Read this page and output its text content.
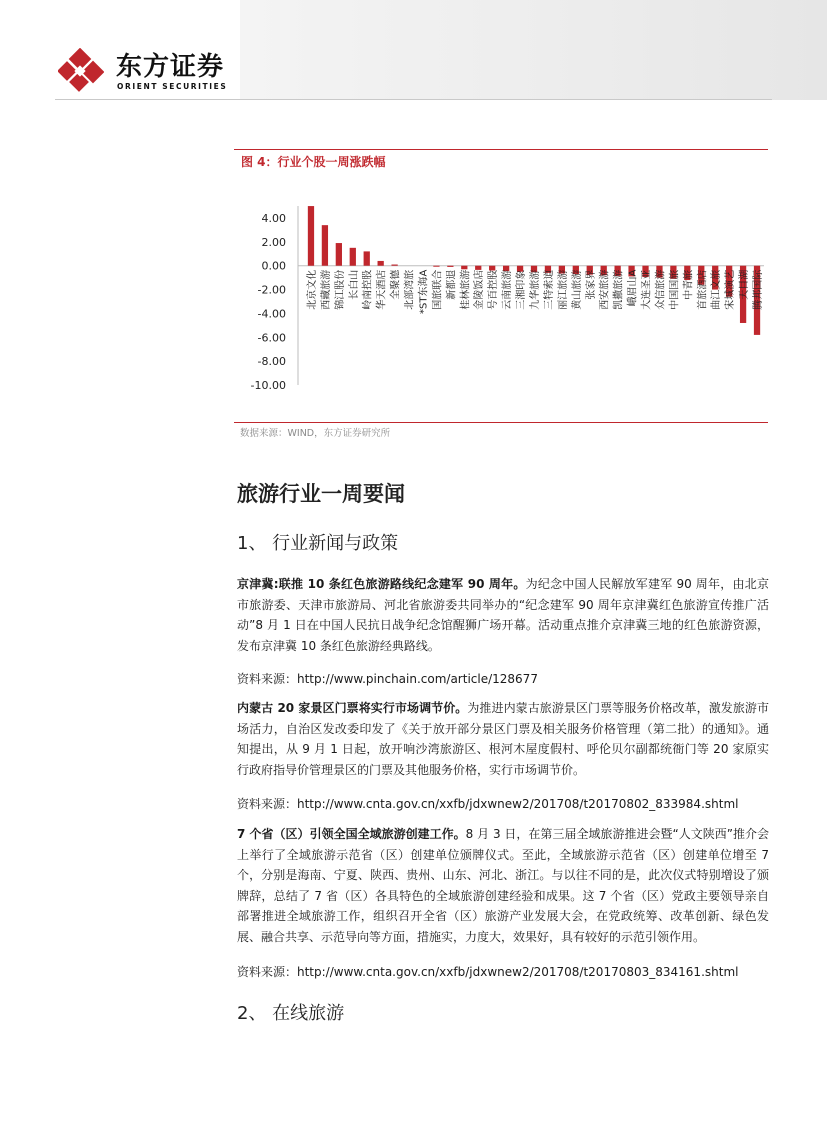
东方证券
ORIENT SECURITIES
图 4：行业个股一周涨跌幅
4.00
2.00
0.00
-2.00
-4.00
-6.00
-8.00
-10.00
北京文化 西藏旅游 锦江股份 长白山 岭南控股 华天酒店 全聚德 北部湾旅 *ST东海A 国旅联合 新都退 桂林旅游 金陵饭店 号百控股 云南旅游 三湘印象 九华旅游 三特索道 丽江旅游 黄山旅游 张家界 西安旅游 凯撒旅游 峨眉山A 大连圣亚 众信旅游 中国国旅 中青旅 首旅酒店 曲江文旅 宋城演艺 天目湖 腾邦国际
数据来源：WIND，东方证券研究所
旅游行业一周要闻
1、 行业新闻与政策
京津冀:联推 10 条红色旅游路线纪念建军 90 周年。为纪念中国人民解放军建军 90 周年，由北京市旅游委、天津市旅游局、河北省旅游委共同举办的“纪念建军 90 周年京津冀红色旅游宣传推广活动”8 月 1 日在中国人民抗日战争纪念馆醒狮广场开幕。活动重点推介京津冀三地的红色旅游资源，发布京津冀 10 条红色旅游经典路线。
资料来源：http://www.pinchain.com/article/128677
内蒙古 20 家景区门票将实行市场调节价。为推进内蒙古旅游景区门票等服务价格改革，激发旅游市场活力，自治区发改委印发了《关于放开部分景区门票及相关服务价格管理（第二批）的通知》。通知提出，从 9 月 1 日起，放开响沙湾旅游区、根河木屋度假村、呼伦贝尔副都统衙门等 20 家原实行政府指导价管理景区的门票及其他服务价格，实行市场调节价。
资料来源：http://www.cnta.gov.cn/xxfb/jdxwnew2/201708/t20170802_833984.shtml
7 个省（区）引领全国全域旅游创建工作。8 月 3 日，在第三届全域旅游推进会暨“人文陕西”推介会上举行了全域旅游示范省（区）创建单位颁牌仪式。至此，全域旅游示范省（区）创建单位增至 7 个，分别是海南、宁夏、陕西、贵州、山东、河北、浙江。与以往不同的是，此次仪式特别增设了颁牌辞，总结了 7 省（区）各具特色的全域旅游创建经验和成果。这 7 个省（区）党政主要领导亲自部署推进全域旅游工作，组织召开全省（区）旅游产业发展大会，在党政统筹、改革创新、绿色发展、融合共享、示范导向等方面，措施实，力度大，效果好，具有较好的示范引领作用。
资料来源：http://www.cnta.gov.cn/xxfb/jdxwnew2/201708/t20170803_834161.shtml
2、 在线旅游
